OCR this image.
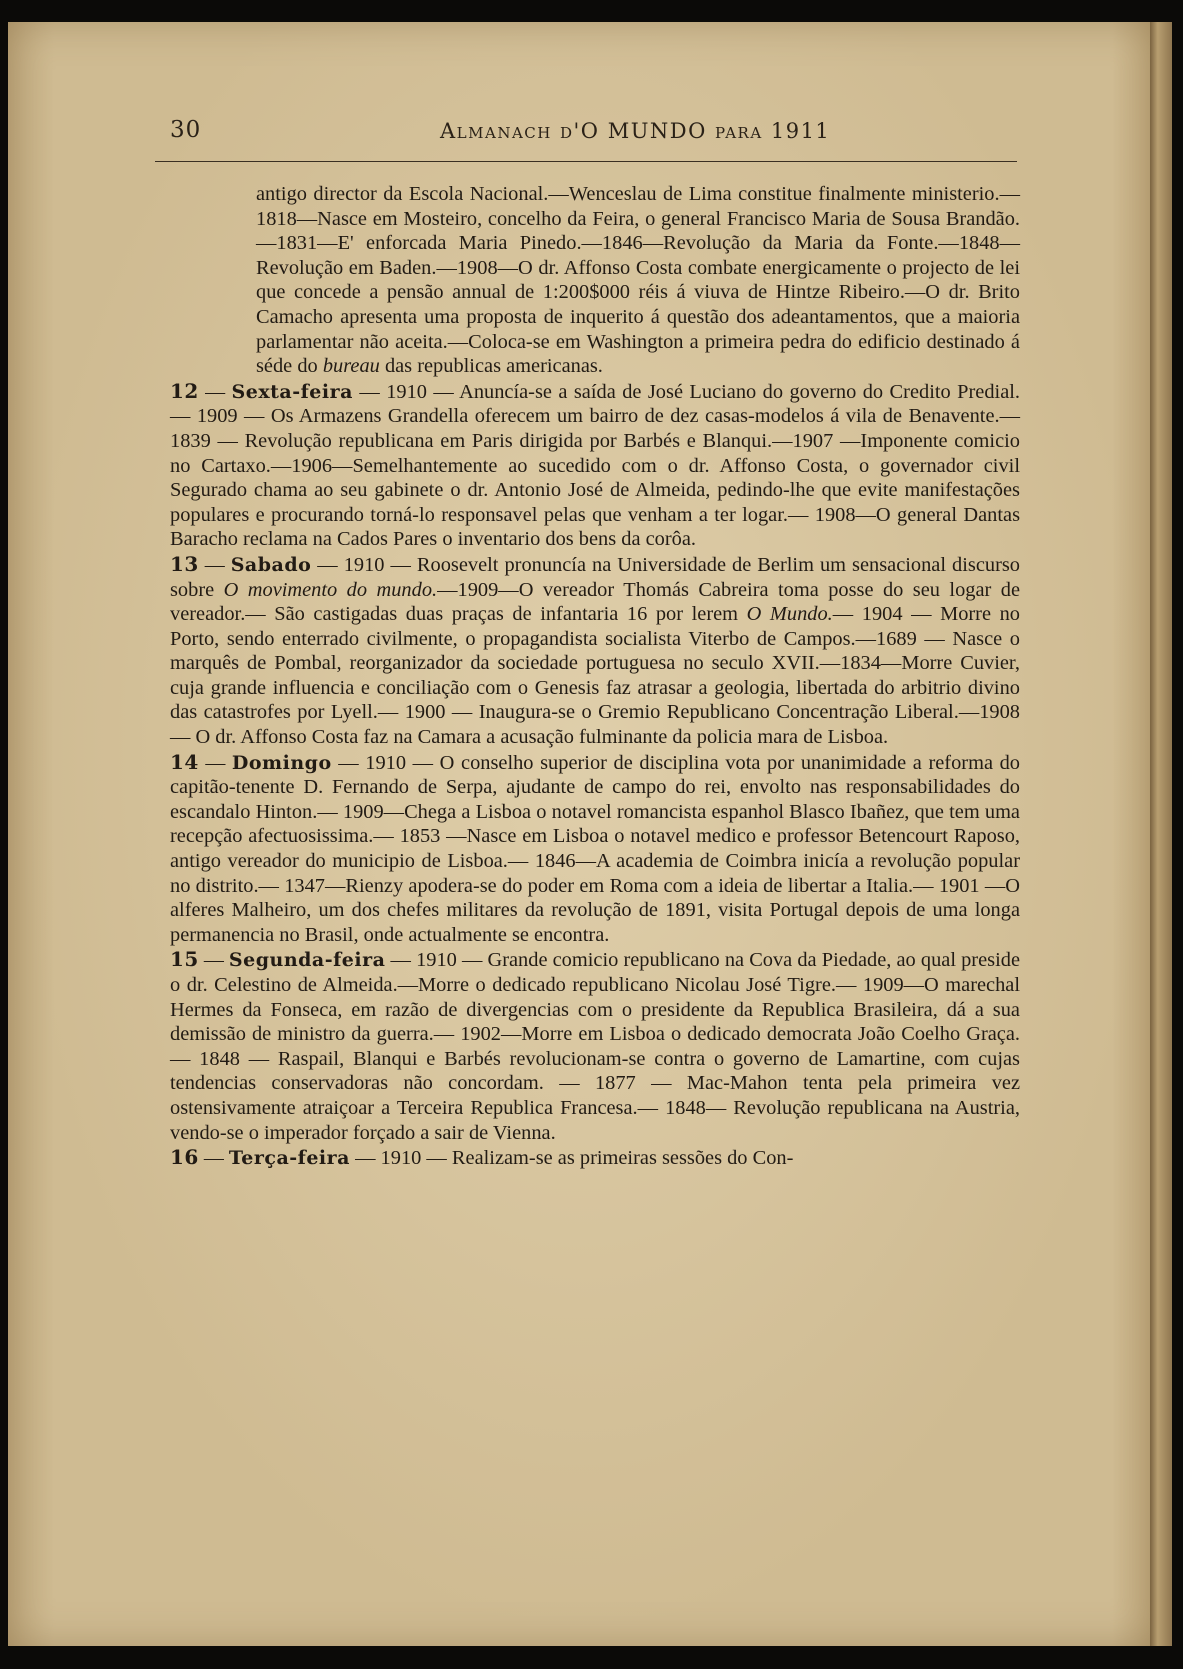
30	Almanach d'O MUNDO para 1911

antigo director da Escola Nacional.—Wenceslau de Lima constitue finalmente ministerio.—1818—Nasce em Mosteiro, concelho da Feira, o general Francisco Maria de Sousa Brandão.—1831—E' enforcada Maria Pinedo.—1846—Revolução da Maria da Fonte.—1848—Revolução em Baden.—1908—O dr. Affonso Costa combate energicamente o projecto de lei que concede a pensão annual de 1:200$000 réis á viuva de Hintze Ribeiro.—O dr. Brito Camacho apresenta uma proposta de inquerito á questão dos adeantamentos, que a maioria parlamentar não aceita.—Coloca-se em Washington a primeira pedra do edificio destinado á séde do bureau das republicas americanas.

12 — Sexta-feira — 1910 — Anuncía-se a saída de José Luciano do governo do Credito Predial. — 1909 — Os Armazens Grandella oferecem um bairro de dez casas-modelos á vila de Benavente.— 1839 — Revolução republicana em Paris dirigida por Barbés e Blanqui.—1907 —Imponente comicio no Cartaxo.—1906—Semelhantemente ao sucedido com o dr. Affonso Costa, o governador civil Segurado chama ao seu gabinete o dr. Antonio José de Almeida, pedindo-lhe que evite manifestações populares e procurando torná-lo responsavel pelas que venham a ter logar.— 1908—O general Dantas Baracho reclama na Cados Pares o inventario dos bens da corôa.

13 — Sabado — 1910 — Roosevelt pronuncía na Universidade de Berlim um sensacional discurso sobre O movimento do mundo.—1909—O vereador Thomás Cabreira toma posse do seu logar de vereador.— São castigadas duas praças de infantaria 16 por lerem O Mundo.— 1904 — Morre no Porto, sendo enterrado civilmente, o propagandista socialista Viterbo de Campos.—1689 — Nasce o marquês de Pombal, reorganizador da sociedade portuguesa no seculo XVII.—1834—Morre Cuvier, cuja grande influencia e conciliação com o Genesis faz atrasar a geologia, libertada do arbitrio divino das catastrofes por Lyell.— 1900 — Inaugura-se o Gremio Republicano Concentração Liberal.—1908— O dr. Affonso Costa faz na Camara a acusação fulminante da policia mara de Lisboa.

14 — Domingo — 1910 — O conselho superior de disciplina vota por unanimidade a reforma do capitão-tenente D. Fernando de Serpa, ajudante de campo do rei, envolto nas responsabilidades do escandalo Hinton.— 1909—Chega a Lisboa o notavel romancista espanhol Blasco Ibañez, que tem uma recepção afectuosissima.— 1853 —Nasce em Lisboa o notavel medico e professor Betencourt Raposo, antigo vereador do municipio de Lisboa.— 1846—A academia de Coimbra inicía a revolução popular no distrito.— 1347—Rienzy apodera-se do poder em Roma com a ideia de libertar a Italia.— 1901 —O alferes Malheiro, um dos chefes militares da revolução de 1891, visita Portugal depois de uma longa permanencia no Brasil, onde actualmente se encontra.

15 — Segunda-feira — 1910 — Grande comicio republicano na Cova da Piedade, ao qual preside o dr. Celestino de Almeida.—Morre o dedicado republicano Nicolau José Tigre.— 1909—O marechal Hermes da Fonseca, em razão de divergencias com o presidente da Republica Brasileira, dá a sua demissão de ministro da guerra.— 1902—Morre em Lisboa o dedicado democrata João Coelho Graça. — 1848 — Raspail, Blanqui e Barbés revolucionam-se contra o governo de Lamartine, com cujas tendencias conservadoras não concordam. — 1877 — Mac-Mahon tenta pela primeira vez ostensivamente atraiçoar a Terceira Republica Francesa.— 1848— Revolução republicana na Austria, vendo-se o imperador forçado a sair de Vienna.

16 — Terça-feira — 1910 — Realizam-se as primeiras sessões do Con-
